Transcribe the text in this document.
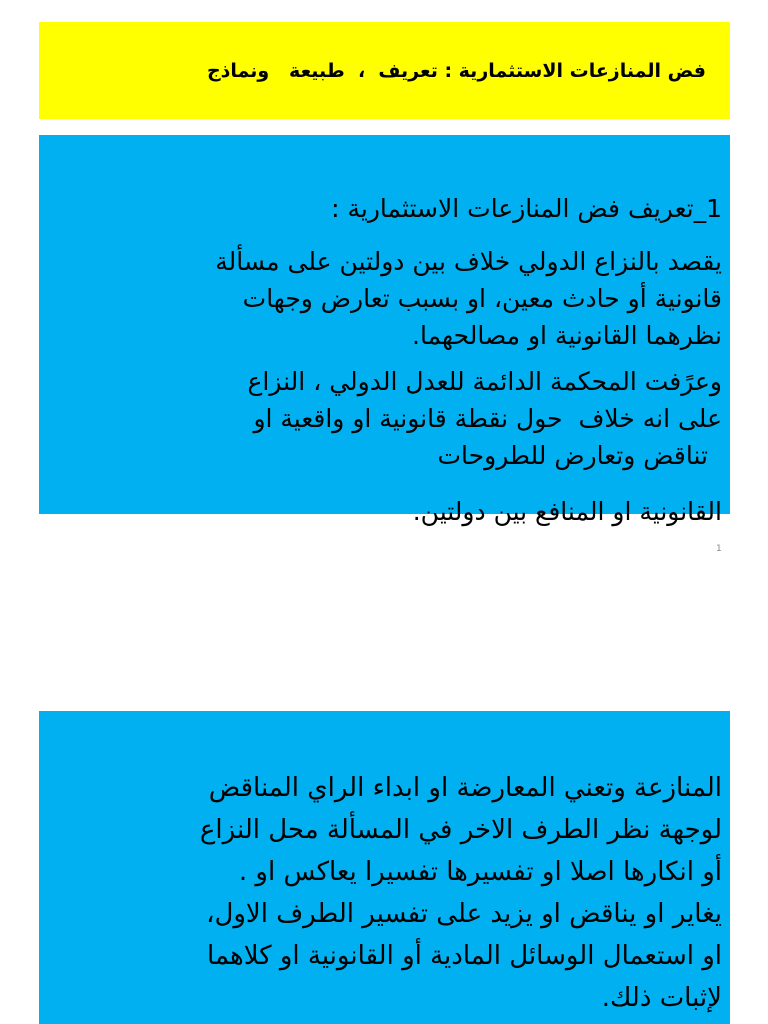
فض المنازعات الاستثمارية : تعريف  ،  طبيعة   ونماذج

1_تعريف فض المنازعات الاستثمارية :

يقصد بالنزاع الدولي خلاف بين دولتين على مسألة
قانونية أو حادث معين، او بسبب تعارض وجهات
نظرهما القانونية او مصالحهما.

وعرًفت المحكمة الدائمة للعدل الدولي ، النزاع
على انه خلاف  حول نقطة قانونية او واقعية او
تناقض وتعارض للطروحات

القانونية او المنافع بين دولتين.

1

المنازعة وتعني المعارضة او ابداء الراي المناقض
لوجهة نظر الطرف الاخر في المسألة محل النزاع
أو انكارها اصلا او تفسيرها تفسيرا يعاكس او .
يغاير او يناقض او يزيد على تفسير الطرف الاول،
او استعمال الوسائل المادية أو القانونية او كلاهما
لإثبات ذلك.
